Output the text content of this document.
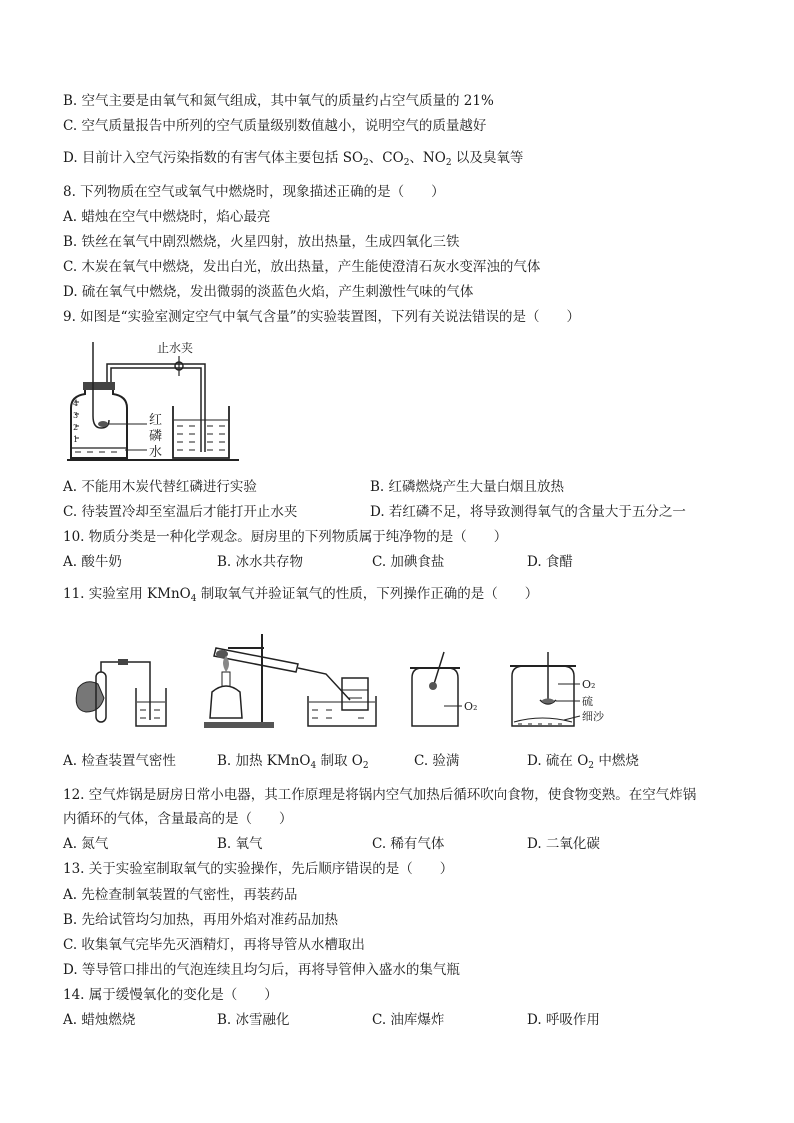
B. 空气主要是由氧气和氮气组成，其中氧气的质量约占空气质量的 21%
C. 空气质量报告中所列的空气质量级别数值越小，说明空气的质量越好
D. 目前计入空气污染指数的有害气体主要包括 $SO_2$、$CO_2$、$NO_2$ 以及臭氧等
8. 下列物质在空气或氧气中燃烧时，现象描述正确的是（　　）
A. 蜡烛在空气中燃烧时，焰心最亮
B. 铁丝在氧气中剧烈燃烧，火星四射，放出热量，生成四氧化三铁
C. 木炭在氧气中燃烧，发出白光，放出热量，产生能使澄清石灰水变浑浊的气体
D. 硫在氧气中燃烧，发出微弱的淡蓝色火焰，产生刺激性气味的气体
9. 如图是“实验室测定空气中氧气含量”的实验装置图，下列有关说法错误的是（　　）
4
3
2
1
止水夹
红
磷
水
A. 不能用木炭代替红磷进行实验	B. 红磷燃烧产生大量白烟且放热
C. 待装置冷却至室温后才能打开止水夹	D. 若红磷不足，将导致测得氧气的含量大于五分之一
10. 物质分类是一种化学观念。厨房里的下列物质属于纯净物的是（　　）
A. 酸牛奶	B. 冰水共存物	C. 加碘食盐	D. 食醋
11. 实验室用 KMnO$_4$ 制取氧气并验证氧气的性质，下列操作正确的是（　　）
O₂
O₂
硫
细沙
A. 检查装置气密性	B. 加热 KMnO$_4$ 制取 $O_2$	C. 验满	D. 硫在 $O_2$ 中燃烧
12. 空气炸锅是厨房日常小电器，其工作原理是将锅内空气加热后循环吹向食物，使食物变熟。在空气炸锅
内循环的气体，含量最高的是（　　）
A. 氮气	B. 氧气	C. 稀有气体	D. 二氧化碳
13. 关于实验室制取氧气的实验操作，先后顺序错误的是（　　）
A. 先检查制氧装置的气密性，再装药品
B. 先给试管均匀加热，再用外焰对准药品加热
C. 收集氧气完毕先灭酒精灯，再将导管从水槽取出
D. 等导管口排出的气泡连续且均匀后，再将导管伸入盛水的集气瓶
14. 属于缓慢氧化的变化是（　　）
A. 蜡烛燃烧	B. 冰雪融化	C. 油库爆炸	D. 呼吸作用
